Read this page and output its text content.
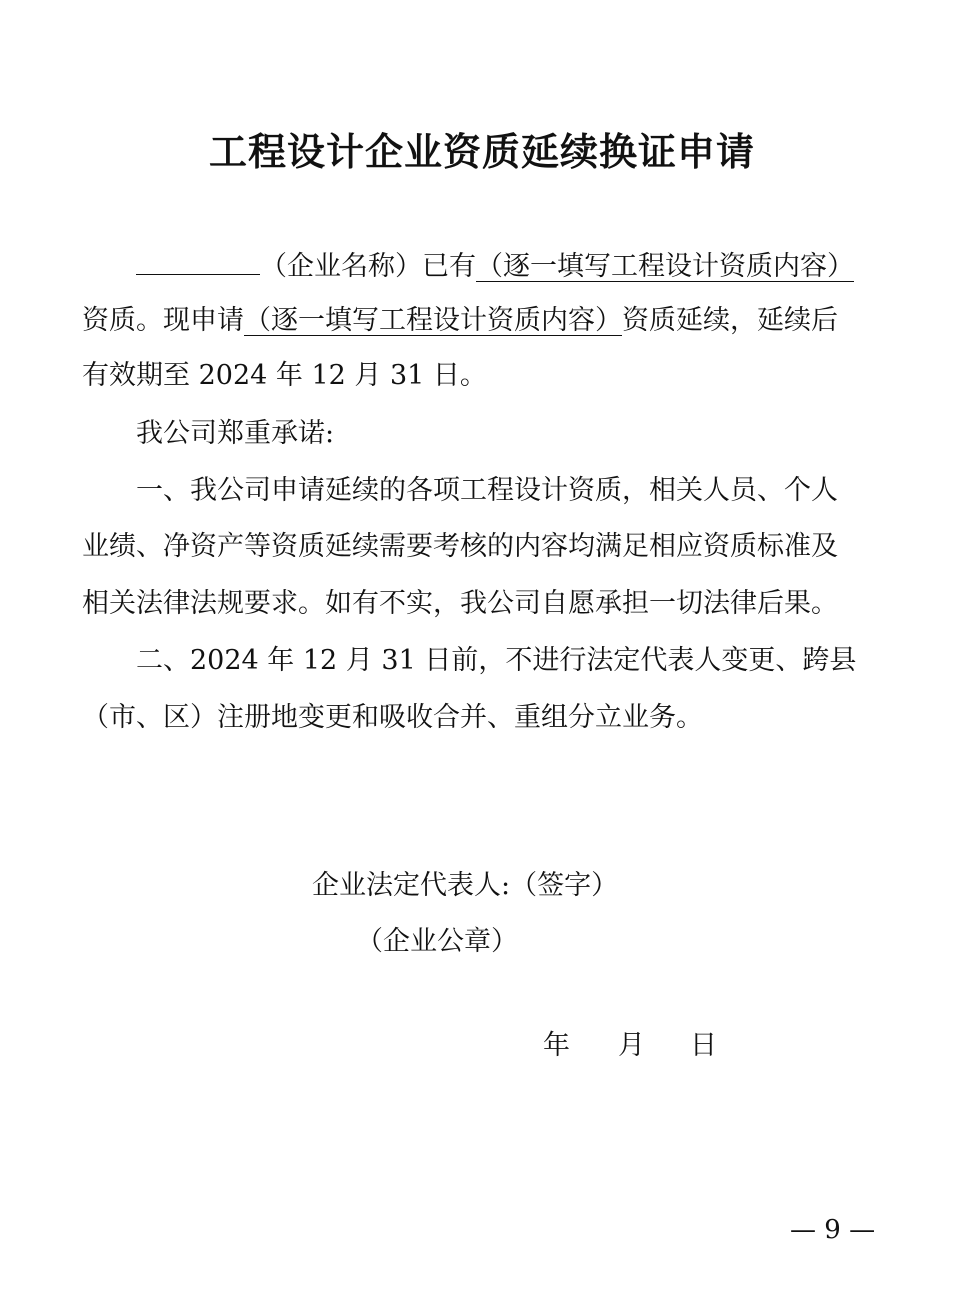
工程设计企业资质延续换证申请
（企业名称）已有（逐一填写工程设计资质内容）
资质。现申请（逐一填写工程设计资质内容）资质延续，延续后
有效期至 2024 年 12 月 31 日。
我公司郑重承诺:
一、我公司申请延续的各项工程设计资质，相关人员、个人
业绩、净资产等资质延续需要考核的内容均满足相应资质标准及
相关法律法规要求。如有不实，我公司自愿承担一切法律后果。
二、2024 年 12 月 31 日前，不进行法定代表人变更、跨县
（市、区）注册地变更和吸收合并、重组分立业务。
企业法定代表人:（签字）
（企业公章）
年 月 日
— 9 —
